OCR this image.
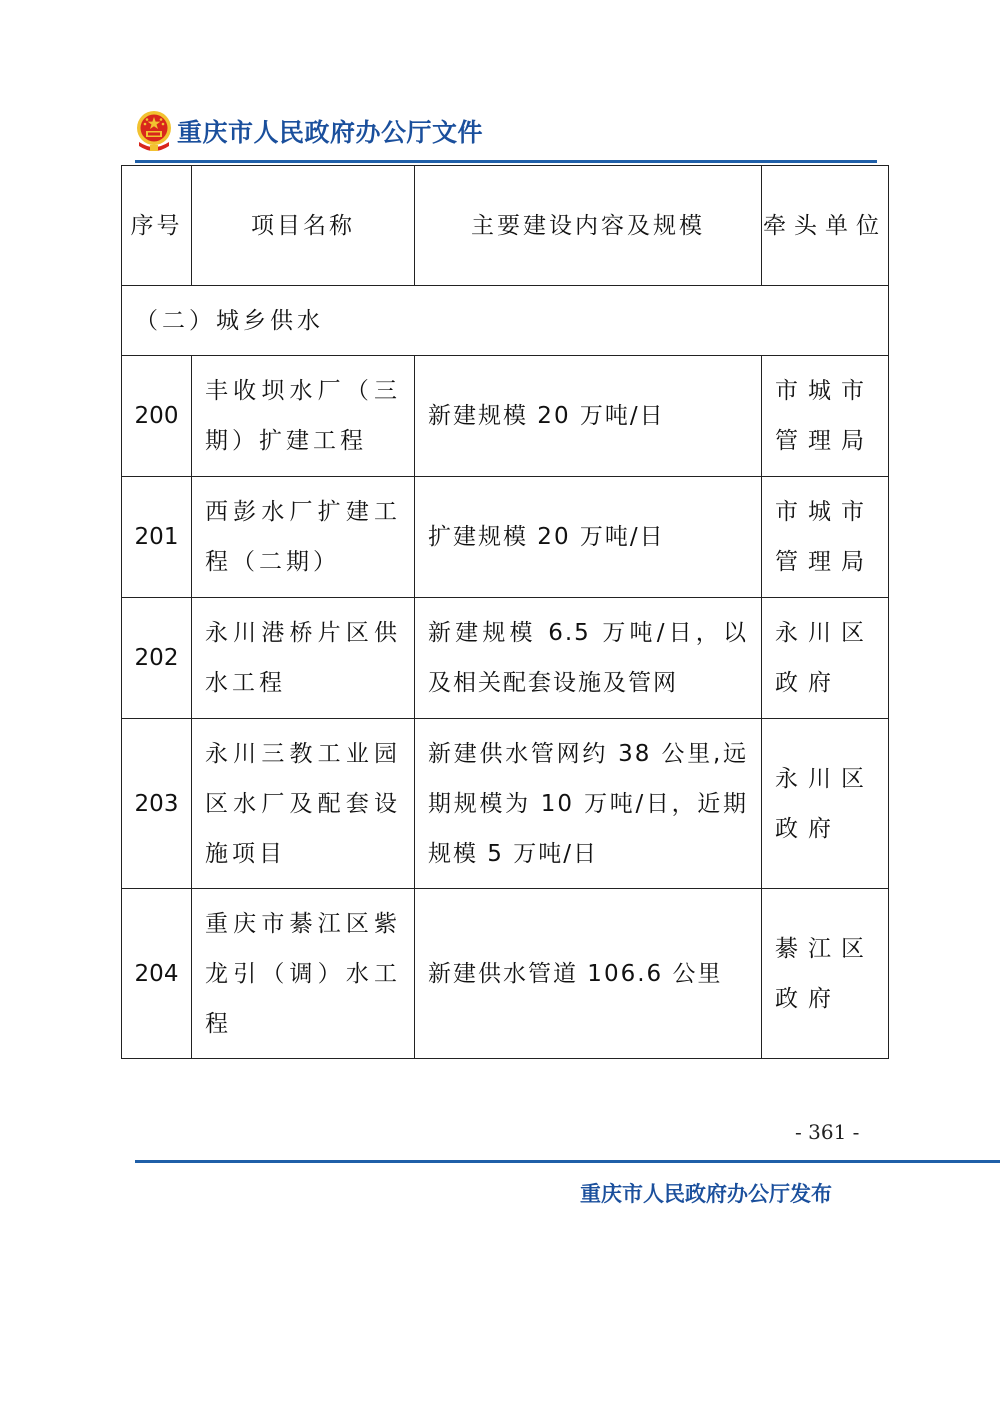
重庆市人民政府办公厅文件
序号	项目名称	主要建设内容及规模	牵头单位
（二）城乡供水			
200	丰收坝水厂（三期）扩建工程	新建规模 20 万吨/日	市城市管理局
201	西彭水厂扩建工程（二期）	扩建规模 20 万吨/日	市城市管理局
202	永川港桥片区供水工程	新建规模 6.5 万吨/日，以及相关配套设施及管网	永川区政府
203	永川三教工业园区水厂及配套设施项目	新建供水管网约 38 公里,远期规模为 10 万吨/日，近期规模 5 万吨/日	永川区政府
204	重庆市綦江区紫龙引（调）水工程	新建供水管道 106.6 公里	綦江区政府
- 361 -
重庆市人民政府办公厅发布
